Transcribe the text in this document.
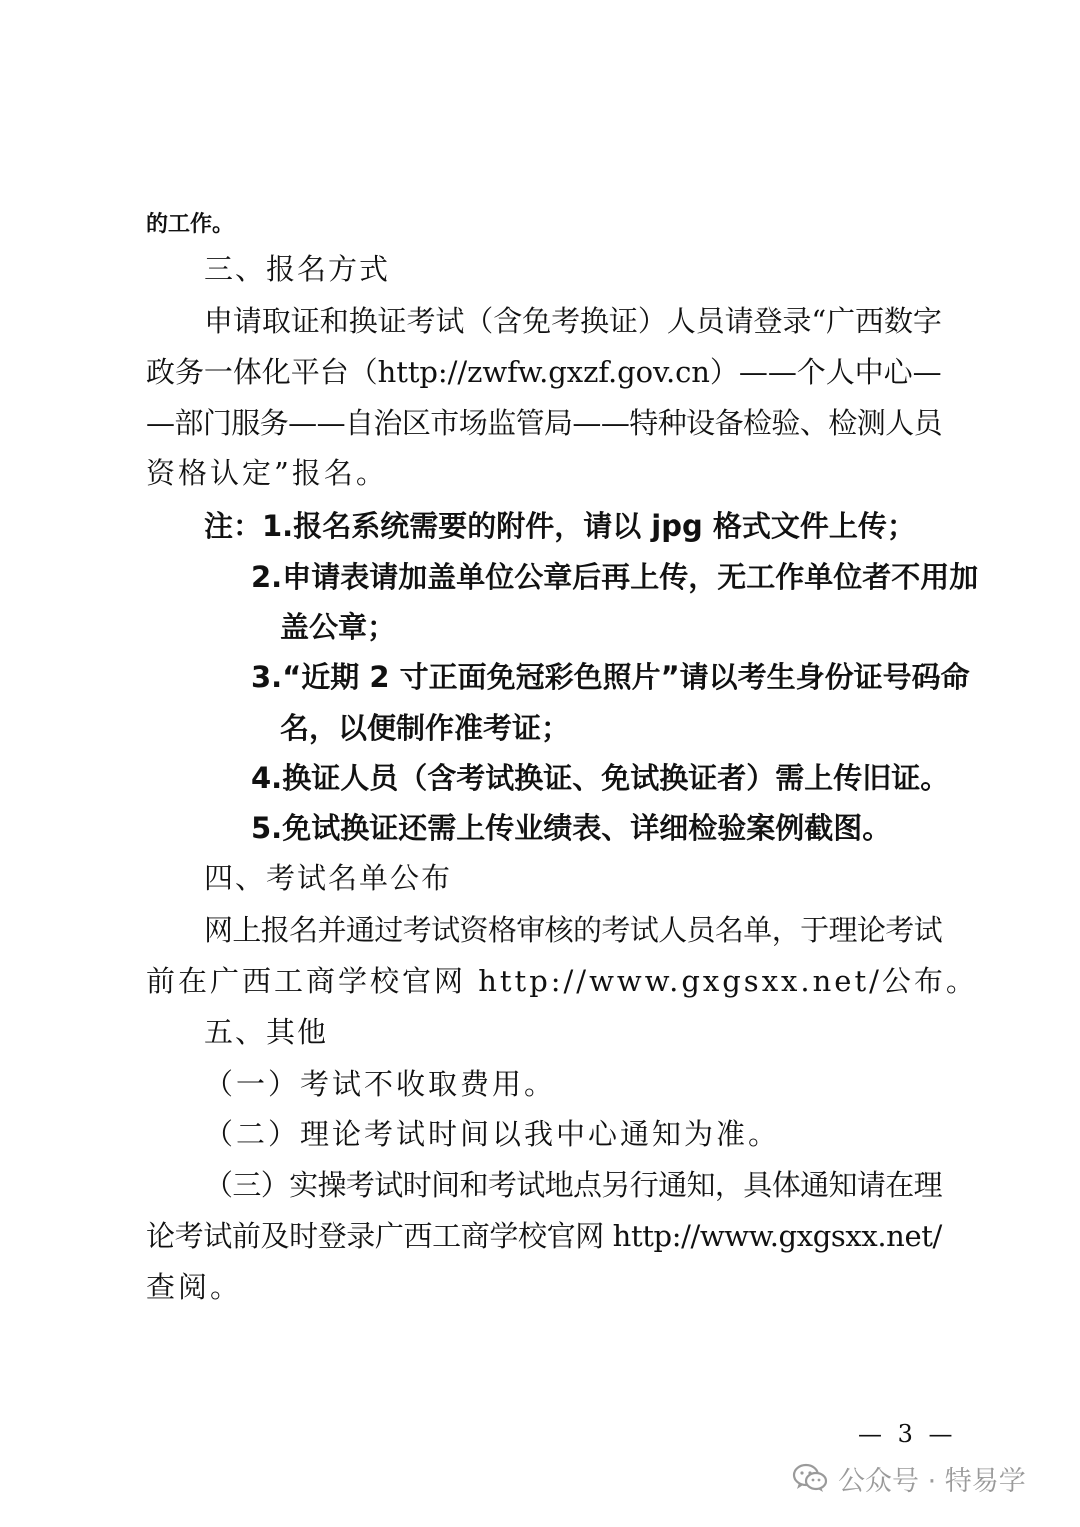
的工作。
三、报名方式
申请取证和换证考试（含免考换证）人员请登录“广西数字
政务一体化平台（http://zwfw.gxzf.gov.cn）——个人中心—
—部门服务——自治区市场监管局——特种设备检验、检测人员
资格认定”报名。
注：1.报名系统需要的附件，请以 jpg 格式文件上传；
2.申请表请加盖单位公章后再上传，无工作单位者不用加
盖公章；
3.“近期 2 寸正面免冠彩色照片”请以考生身份证号码命
名，以便制作准考证；
4.换证人员（含考试换证、免试换证者）需上传旧证。
5.免试换证还需上传业绩表、详细检验案例截图。
四、考试名单公布
网上报名并通过考试资格审核的考试人员名单，于理论考试
前在广西工商学校官网 http://www.gxgsxx.net/公布。
五、其他
（一）考试不收取费用。
（二）理论考试时间以我中心通知为准。
（三）实操考试时间和考试地点另行通知，具体通知请在理
论考试前及时登录广西工商学校官网 http://www.gxgsxx.net/
查阅。
— 3 —
公众号 · 特易学
